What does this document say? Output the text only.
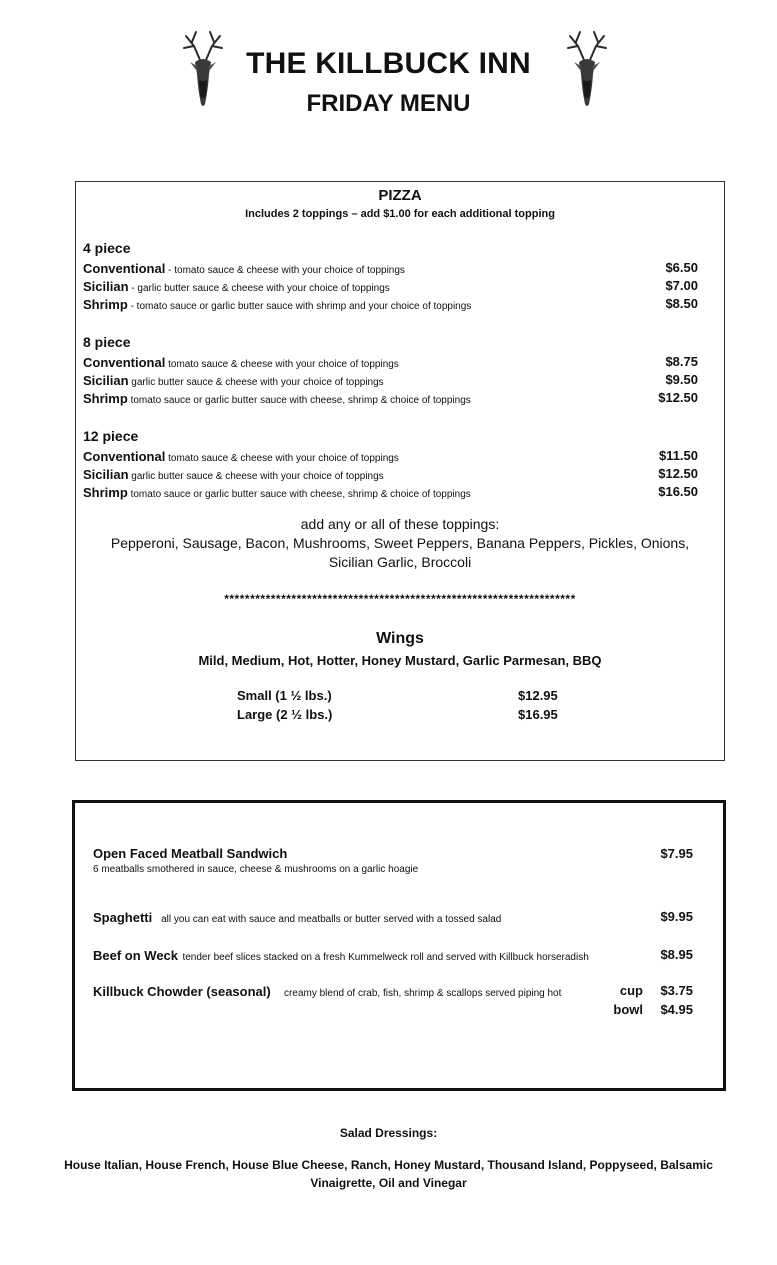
THE KILLBUCK INN
FRIDAY MENU
PIZZA
Includes 2 toppings – add $1.00 for each additional topping
4 piece
Conventional - tomato sauce & cheese with your choice of toppings	$6.50
Sicilian - garlic butter sauce & cheese with your choice of toppings	$7.00
Shrimp - tomato sauce or garlic butter sauce with shrimp and your choice of toppings	$8.50
8 piece
Conventional tomato sauce & cheese with your choice of toppings	$8.75
Sicilian garlic butter sauce & cheese with your choice of toppings	$9.50
Shrimp tomato sauce or garlic butter sauce with cheese, shrimp & choice of toppings	$12.50
12 piece
Conventional tomato sauce & cheese with your choice of toppings	$11.50
Sicilian garlic butter sauce & cheese with your choice of toppings	$12.50
Shrimp tomato sauce or garlic butter sauce with cheese, shrimp & choice of toppings	$16.50
add any or all of these toppings:
Pepperoni, Sausage, Bacon, Mushrooms, Sweet Peppers, Banana Peppers, Pickles, Onions,
Sicilian Garlic, Broccoli
********************************************************************
Wings
Mild, Medium, Hot, Hotter, Honey Mustard, Garlic Parmesan, BBQ
Small (1 ½ lbs.)	$12.95
Large (2 ½ lbs.)	$16.95
Open Faced Meatball Sandwich
6 meatballs smothered in sauce, cheese & mushrooms on a garlic hoagie
$7.95
Spaghetti all you can eat with sauce and meatballs or butter served with a tossed salad	$9.95
Beef on Weck tender beef slices stacked on a fresh Kummelweck roll and served with Killbuck horseradish	$8.95
Killbuck Chowder (seasonal) creamy blend of crab, fish, shrimp & scallops served piping hot	cup $3.75
bowl $4.95
Salad Dressings:
House Italian, House French, House Blue Cheese, Ranch, Honey Mustard, Thousand Island, Poppyseed, Balsamic Vinaigrette, Oil and Vinegar
